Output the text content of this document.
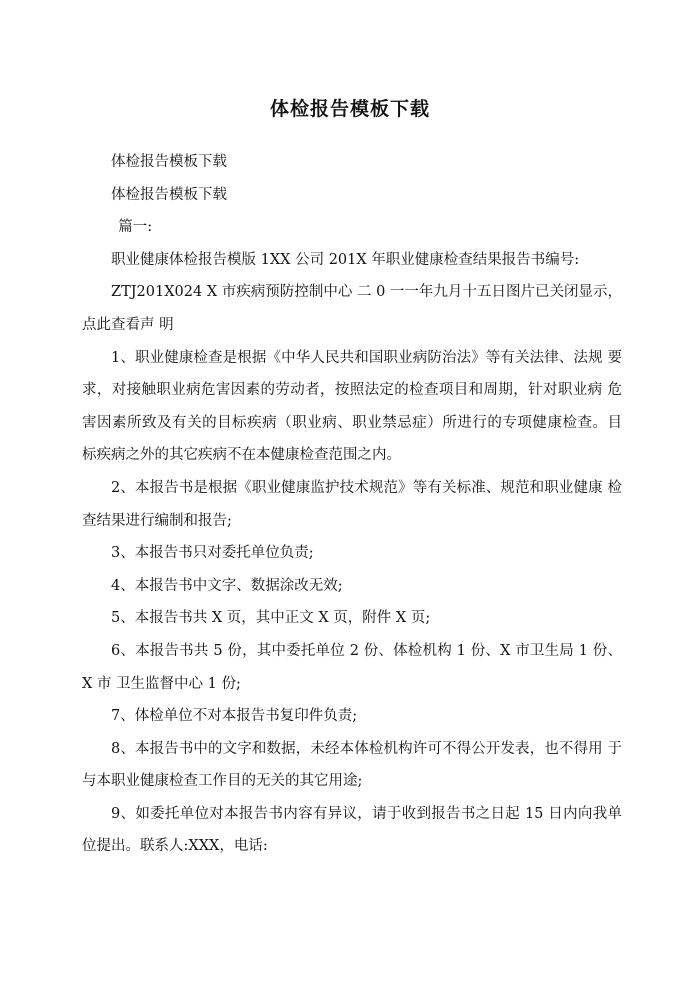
体检报告模板下载

体检报告模板下载

体检报告模板下载

篇一:

职业健康体检报告模版 1XX 公司 201X 年职业健康检查结果报告书编号:

ZTJ201X024 X 市疾病预防控制中心 二 0 一一年九月十五日图片已关闭显示，点此查看声 明

1、职业健康检查是根据《中华人民共和国职业病防治法》等有关法律、法规 要求，对接触职业病危害因素的劳动者，按照法定的检查项目和周期，针对职业病 危害因素所致及有关的目标疾病（职业病、职业禁忌症）所进行的专项健康检查。目 标疾病之外的其它疾病不在本健康检查范围之内。

2、本报告书是根据《职业健康监护技术规范》等有关标准、规范和职业健康 检查结果进行编制和报告;

3、本报告书只对委托单位负责;

4、本报告书中文字、数据涂改无效;

5、本报告书共 X 页，其中正文 X 页，附件 X 页;

6、本报告书共 5 份，其中委托单位 2 份、体检机构 1 份、X 市卫生局 1 份、X 市 卫生监督中心 1 份;

7、体检单位不对本报告书复印件负责;

8、本报告书中的文字和数据，未经本体检机构许可不得公开发表，也不得用 于与本职业健康检查工作目的无关的其它用途;

9、如委托单位对本报告书内容有异议，请于收到报告书之日起 15 日内向我单 位提出。联系人:XXX，电话:
